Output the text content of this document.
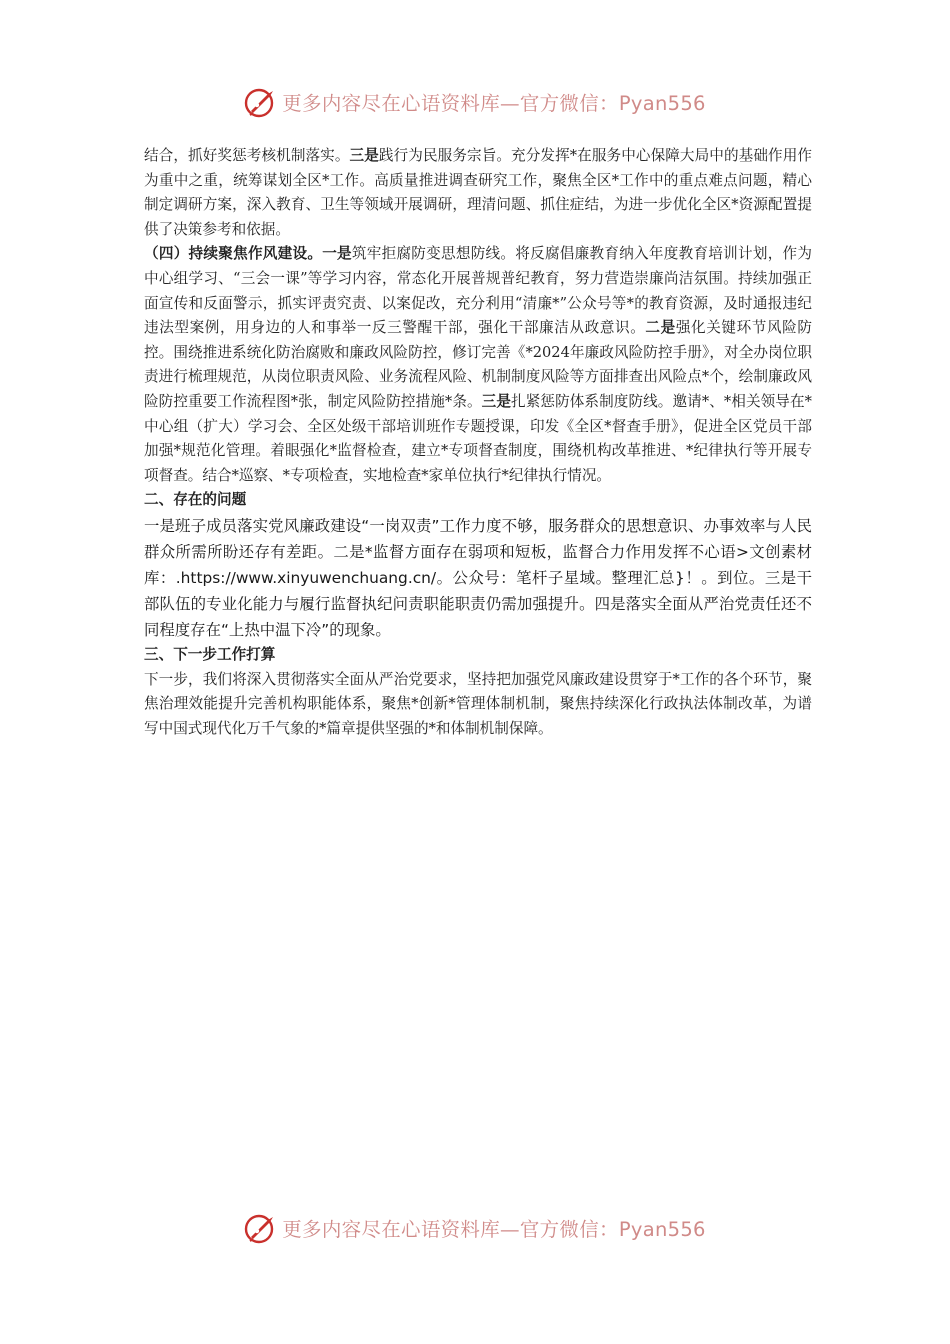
更多内容尽在心语资料库—官方微信：Pyan556

结合，抓好奖惩考核机制落实。三是践行为民服务宗旨。充分发挥*在服务中心保障大局中的基础作用作为重中之重，统筹谋划全区*工作。高质量推进调查研究工作，聚焦全区*工作中的重点难点问题，精心制定调研方案，深入教育、卫生等领域开展调研，理清问题、抓住症结，为进一步优化全区*资源配置提供了决策参考和依据。

（四）持续聚焦作风建设。一是筑牢拒腐防变思想防线。将反腐倡廉教育纳入年度教育培训计划，作为中心组学习、“三会一课”等学习内容，常态化开展普规普纪教育，努力营造崇廉尚洁氛围。持续加强正面宣传和反面警示，抓实评责究责、以案促改，充分利用“清廉*”公众号等*的教育资源，及时通报违纪违法型案例，用身边的人和事举一反三警醒干部，强化干部廉洁从政意识。二是强化关键环节风险防控。围绕推进系统化防治腐败和廉政风险防控，修订完善《*2024年廉政风险防控手册》，对全办岗位职责进行梳理规范，从岗位职责风险、业务流程风险、机制制度风险等方面排查出风险点*个，绘制廉政风险防控重要工作流程图*张，制定风险防控措施*条。三是扎紧惩防体系制度防线。邀请*、*相关领导在*中心组（扩大）学习会、全区处级干部培训班作专题授课，印发《全区*督查手册》，促进全区党员干部加强*规范化管理。着眼强化*监督检查，建立*专项督查制度，围绕机构改革推进、*纪律执行等开展专项督查。结合*巡察、*专项检查，实地检查*家单位执行*纪律执行情况。

二、存在的问题

一是班子成员落实党风廉政建设“一岗双责”工作力度不够，服务群众的思想意识、办事效率与人民群众所需所盼还存有差距。二是*监督方面存在弱项和短板，监督合力作用发挥不心语>文创素材库：.https://www.xinyuwenchuang.cn/。公众号：笔杆子星域。整理汇总}！。到位。三是干部队伍的专业化能力与履行监督执纪问责职能职责仍需加强提升。四是落实全面从严治党责任还不同程度存在“上热中温下冷”的现象。

三、下一步工作打算

下一步，我们将深入贯彻落实全面从严治党要求，坚持把加强党风廉政建设贯穿于*工作的各个环节，聚焦治理效能提升完善机构职能体系，聚焦*创新*管理体制机制，聚焦持续深化行政执法体制改革，为谱写中国式现代化万千气象的*篇章提供坚强的*和体制机制保障。

更多内容尽在心语资料库—官方微信：Pyan556
